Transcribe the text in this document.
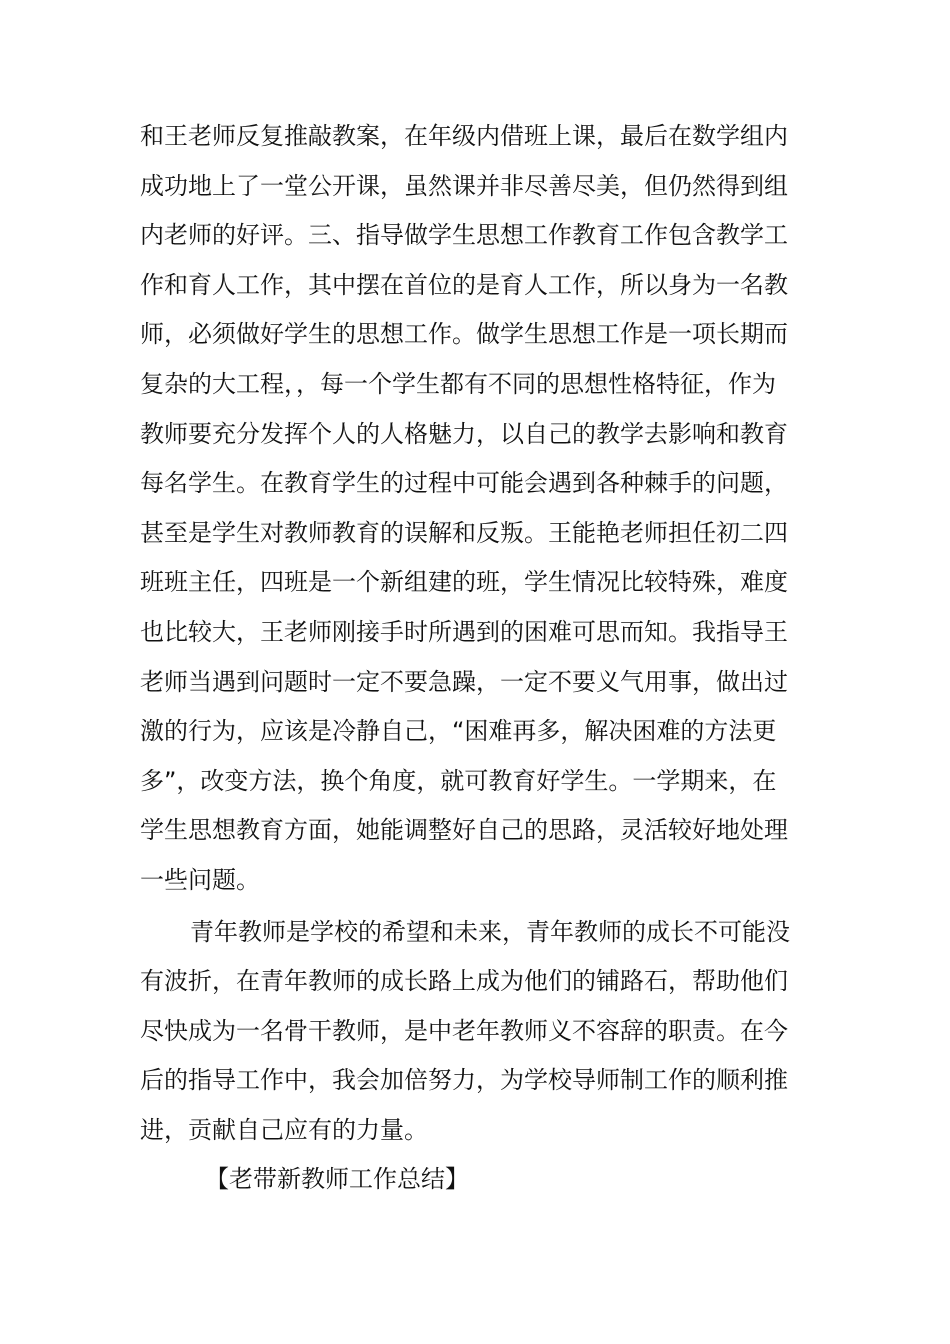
和王老师反复推敲教案，在年级内借班上课，最后在数学组内
成功地上了一堂公开课，虽然课并非尽善尽美，但仍然得到组
内老师的好评。三、指导做学生思想工作教育工作包含教学工
作和育人工作，其中摆在首位的是育人工作，所以身为一名教
师，必须做好学生的思想工作。做学生思想工作是一项长期而
复杂的大工程，，每一个学生都有不同的思想性格特征，作为
教师要充分发挥个人的人格魅力，以自己的教学去影响和教育
每名学生。在教育学生的过程中可能会遇到各种棘手的问题，
甚至是学生对教师教育的误解和反叛。王能艳老师担任初二四
班班主任，四班是一个新组建的班，学生情况比较特殊，难度
也比较大，王老师刚接手时所遇到的困难可思而知。我指导王
老师当遇到问题时一定不要急躁，一定不要义气用事，做出过
激的行为，应该是冷静自己，“困难再多，解决困难的方法更
多”，改变方法，换个角度，就可教育好学生。一学期来，在
学生思想教育方面，她能调整好自己的思路，灵活较好地处理
一些问题。
青年教师是学校的希望和未来，青年教师的成长不可能没
有波折，在青年教师的成长路上成为他们的铺路石，帮助他们
尽快成为一名骨干教师，是中老年教师义不容辞的职责。在今
后的指导工作中，我会加倍努力，为学校导师制工作的顺利推
进，贡献自己应有的力量。
【老带新教师工作总结】
